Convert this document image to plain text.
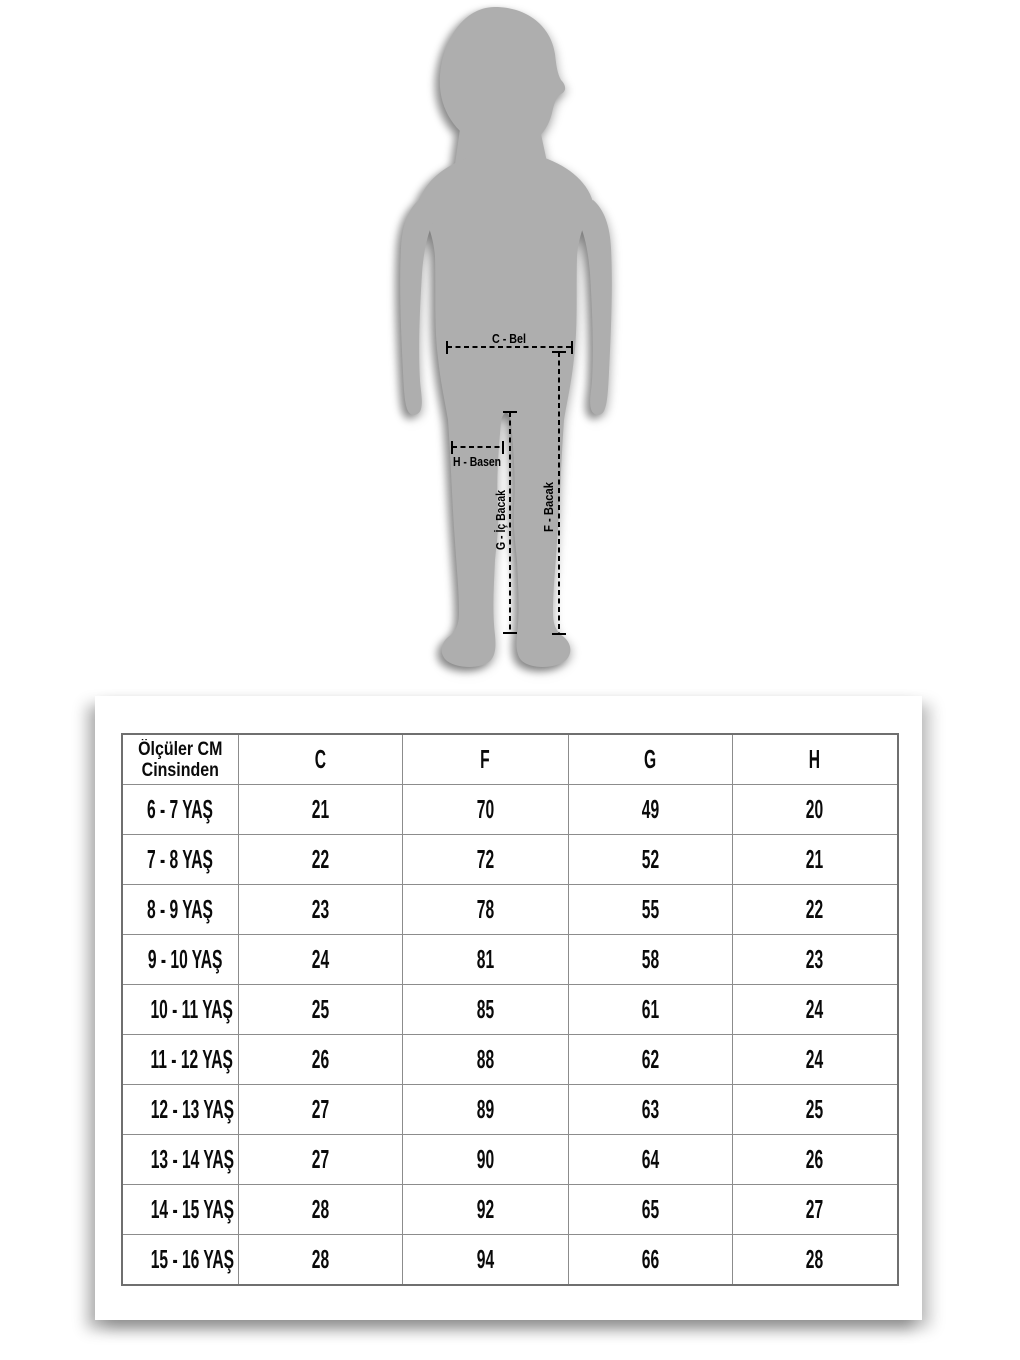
C - Bel
H - Basen
G - İç Bacak	F - Bacak
Ölçüler CM
Cinsinden	C	F	G	H
6 - 7 YAŞ	21	70	49	20
7 - 8 YAŞ	22	72	52	21
8 - 9 YAŞ	23	78	55	22
9 - 10 YAŞ	24	81	58	23
10 - 11 YAŞ	25	85	61	24
11 - 12 YAŞ	26	88	62	24
12 - 13 YAŞ	27	89	63	25
13 - 14 YAŞ	27	90	64	26
14 - 15 YAŞ	28	92	65	27
15 - 16 YAŞ	28	94	66	28
